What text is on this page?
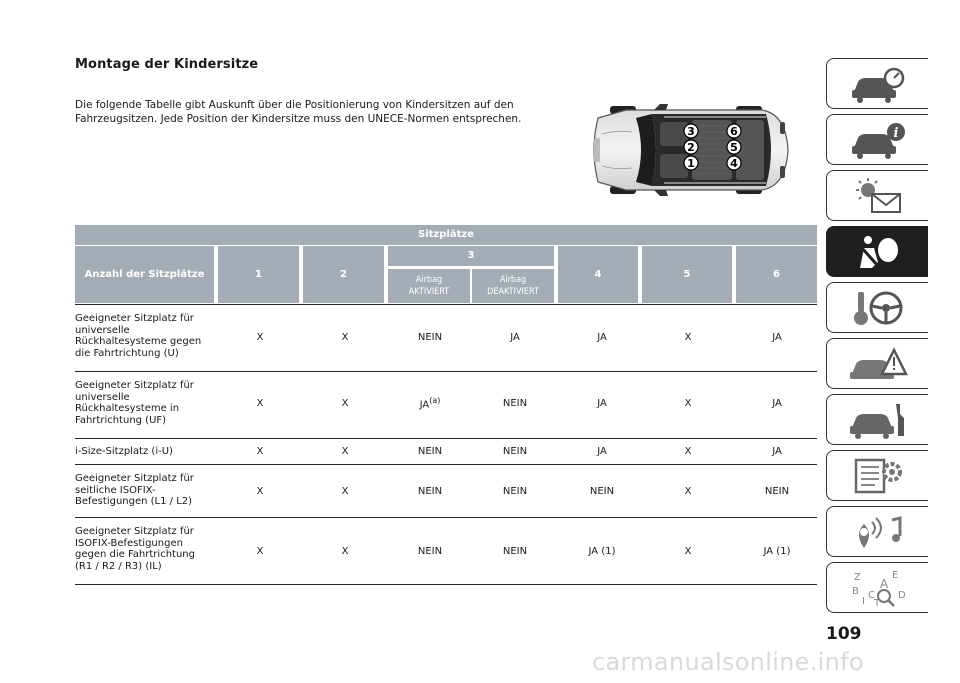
Montage der Kindersitze
Die folgende Tabelle gibt Auskunft über die Positionierung von Kindersitzen auf den Fahrzeugsitzen. Jede Position der Kindersitze muss den UNECE-Normen entsprechen.
3	6
2	5
1	4
Sitzplätze
Anzahl der Sitzplätze	1	2
3
Airbag AKTIVIERT
Airbag DEAKTIVIERT
4	5	6
Geeigneter Sitzplatz für universelle Rückhaltesysteme gegen die Fahrtrichtung (U)
X	X	NEIN	JA	JA	X	JA
Geeigneter Sitzplatz für universelle Rückhaltesysteme in Fahrtrichtung (UF)
X	X	JA$^{(a)}$	NEIN	JA	X	JA
i-Size-Sitzplatz (i-U)	X	X	NEIN	NEIN	JA	X	JA
Geeigneter Sitzplatz für seitliche ISOFIX-Befestigungen (L1 / L2)
X	X	NEIN	NEIN	NEIN	X	NEIN
Geeigneter Sitzplatz für ISOFIX-Befestigungen gegen die Fahrtrichtung (R1 / R2 / R3) (IL)
X	X	NEIN	NEIN	JA (1)	X	JA (1)
i
Z	E
A
B C
T
D
I
109
carmanualsonline.info
